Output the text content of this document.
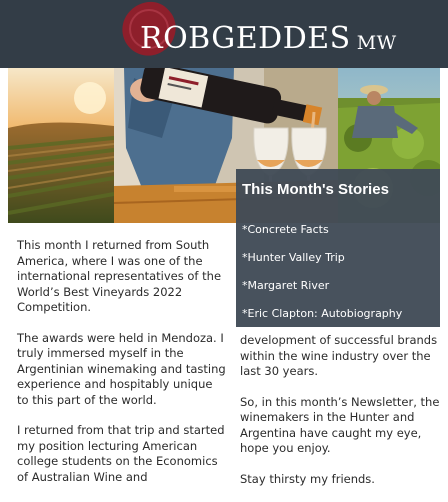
ROBGEDDES MW

This month I returned from South America, where I was one of the international representatives of the World’s Best Vineyards 2022 Competition.

The awards were held in Mendoza. I truly immersed myself in the Argentinian winemaking and tasting experience and hospitably unique to this part of the world.

I returned from that trip and started my position lecturing American college students on the Economics of Australian Wine and

development of successful brands within the wine industry over the last 30 years.

So, in this month’s Newsletter, the winemakers in the Hunter and Argentina have caught my eye, hope you enjoy.

Stay thirsty my friends.

This Month's Stories
*Concrete Facts
*Hunter Valley Trip
*Margaret River
*Eric Clapton: Autobiography
